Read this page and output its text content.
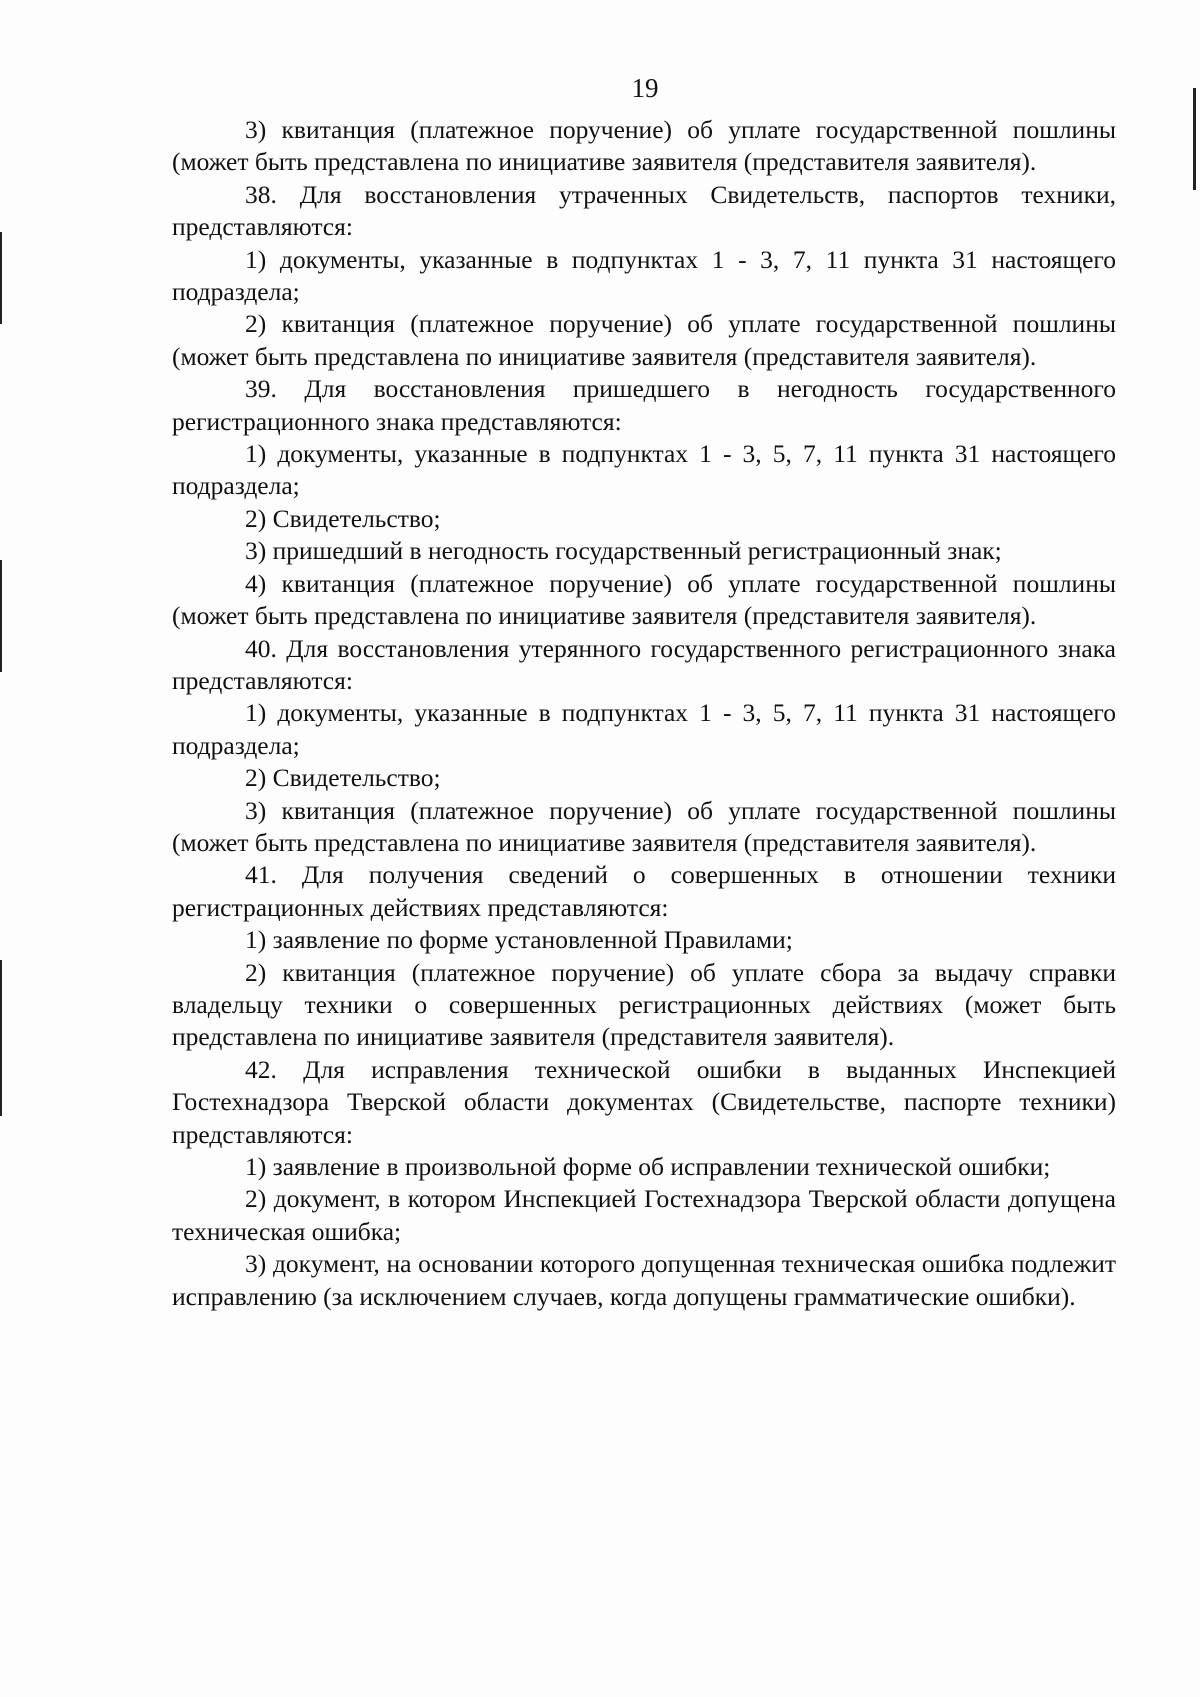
19

3) квитанция (платежное поручение) об уплате государственной пошлины (может быть представлена по инициативе заявителя (представителя заявителя).

38. Для восстановления утраченных Свидетельств, паспортов техники, представляются:

1) документы, указанные в подпунктах 1 - 3, 7, 11 пункта 31 настоящего подраздела;

2) квитанция (платежное поручение) об уплате государственной пошлины (может быть представлена по инициативе заявителя (представителя заявителя).

39. Для восстановления пришедшего в негодность государственного регистрационного знака представляются:

1) документы, указанные в подпунктах 1 - 3, 5, 7, 11 пункта 31 настоящего подраздела;

2) Свидетельство;

3) пришедший в негодность государственный регистрационный знак;

4) квитанция (платежное поручение) об уплате государственной пошлины (может быть представлена по инициативе заявителя (представителя заявителя).

40. Для восстановления утерянного государственного регистрационного знака представляются:

1) документы, указанные в подпунктах 1 - 3, 5, 7, 11 пункта 31 настоящего подраздела;

2) Свидетельство;

3) квитанция (платежное поручение) об уплате государственной пошлины (может быть представлена по инициативе заявителя (представителя заявителя).

41. Для получения сведений о совершенных в отношении техники регистрационных действиях представляются:

1) заявление по форме установленной Правилами;

2) квитанция (платежное поручение) об уплате сбора за выдачу справки владельцу техники о совершенных регистрационных действиях (может быть представлена по инициативе заявителя (представителя заявителя).

42. Для исправления технической ошибки в выданных Инспекцией Гостехнадзора Тверской области документах (Свидетельстве, паспорте техники) представляются:

1) заявление в произвольной форме об исправлении технической ошибки;

2) документ, в котором Инспекцией Гостехнадзора Тверской области допущена техническая ошибка;

3) документ, на основании которого допущенная техническая ошибка подлежит исправлению (за исключением случаев, когда допущены грамматические ошибки).
